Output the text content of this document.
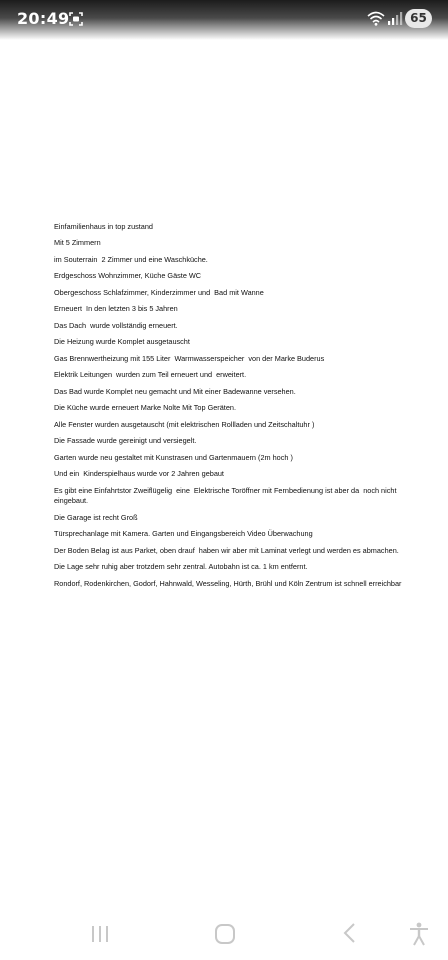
20:49	65

Einfamilienhaus in top zustand

Mit 5 Zimmern

im Souterrain  2 Zimmer und eine Waschküche.

Erdgeschoss Wohnzimmer, Küche Gäste WC

Obergeschoss Schlafzimmer, Kinderzimmer und  Bad mit Wanne

Erneuert  In den letzten 3 bis 5 Jahren

Das Dach  wurde vollständig erneuert.

Die Heizung wurde Komplet ausgetauscht

Gas Brennwertheizung mit 155 Liter  Warmwasserspeicher  von der Marke Buderus

Elektrik Leitungen  wurden zum Teil erneuert und  erweitert.

Das Bad wurde Komplet neu gemacht und Mit einer Badewanne versehen.

Die Küche wurde erneuert Marke Nolte Mit Top Geräten.

Alle Fenster wurden ausgetauscht (mit elektrischen Rollladen und Zeitschaltuhr )

Die Fassade wurde gereinigt und versiegelt.

Garten wurde neu gestaltet mit Kunstrasen und Gartenmauern (2m hoch )

Und ein  Kinderspielhaus wurde vor 2 Jahren gebaut

Es gibt eine Einfahrtstor Zweiflügelig  eine  Elektrische Toröffner mit Fernbedienung ist aber da  noch nicht eingebaut.

Die Garage ist recht Groß

Türsprechanlage mit Kamera. Garten und Eingangsbereich Video Überwachung

Der Boden Belag ist aus Parket, oben drauf  haben wir aber mit Laminat verlegt und werden es abmachen.

Die Lage sehr ruhig aber trotzdem sehr zentral. Autobahn ist ca. 1 km entfernt.

Rondorf, Rodenkirchen, Godorf, Hahnwald, Wesseling, Hürth, Brühl und Köln Zentrum ist schnell erreichbar
